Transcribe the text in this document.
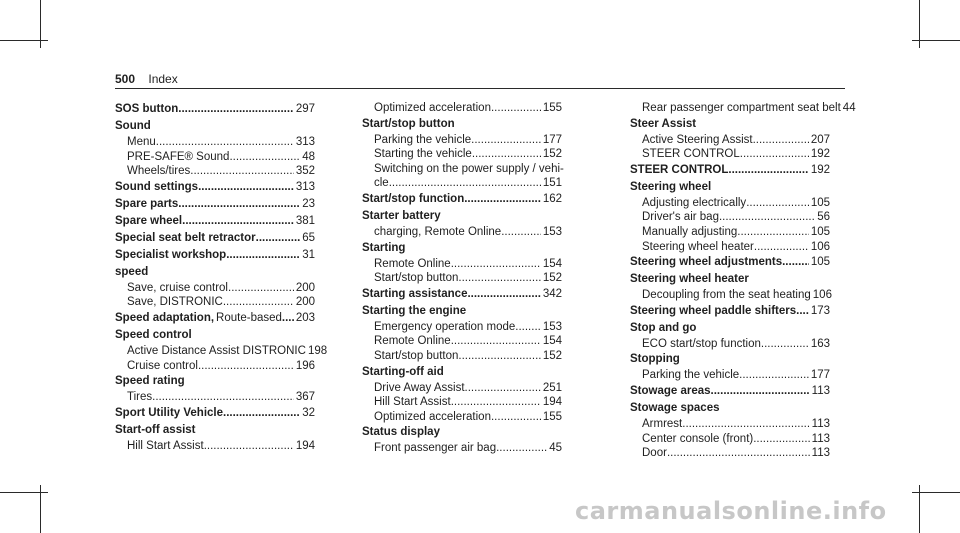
500 Index
SOS button .....	297
Sound
Menu .....	313
PRE-SAFE® Sound .....	48
Wheels/tires .....	352
Sound settings .....	313
Spare parts .....	23
Spare wheel .....	381
Special seat belt retractor .....	65
Specialist workshop .....	31
speed
Save, cruise control .....	200
Save, DISTRONIC .....	200
Speed adaptation, Route-based ..... 203
Speed control
Active Distance Assist DISTRONIC 198
Cruise control .....	196
Speed rating
Tires .....	367
Sport Utility Vehicle .....	32
Start-off assist
Hill Start Assist .....	194
Optimized acceleration .....	155
Start/stop button
Parking the vehicle .....	177
Starting the vehicle .....	152
Switching on the power supply / vehi-
cle .....	151
Start/stop function .....	162
Starter battery
charging, Remote Online .....	153
Starting
Remote Online .....	154
Start/stop button .....	152
Starting assistance .....	342
Starting the engine
Emergency operation mode ..... 153
Remote Online .....	154
Start/stop button .....	152
Starting-off aid
Drive Away Assist .....	251
Hill Start Assist .....	194
Optimized acceleration .....	155
Status display
Front passenger air bag .....	45
Rear passenger compartment seat belt 44
Steer Assist
Active Steering Assist .....	207
STEER CONTROL .....	192
STEER CONTROL .....	192
Steering wheel
Adjusting electrically .....	105
Driver's air bag .....	56
Manually adjusting .....	105
Steering wheel heater .....	106
Steering wheel adjustments ..... 105
Steering wheel heater
Decoupling from the seat heating 106
Steering wheel paddle shifters ..... 173
Stop and go
ECO start/stop function .....	163
Stopping
Parking the vehicle .....	177
Stowage areas .....	113
Stowage spaces
Armrest .....	113
Center console (front) .....	113
Door .....	113
carmanualsonline.info
